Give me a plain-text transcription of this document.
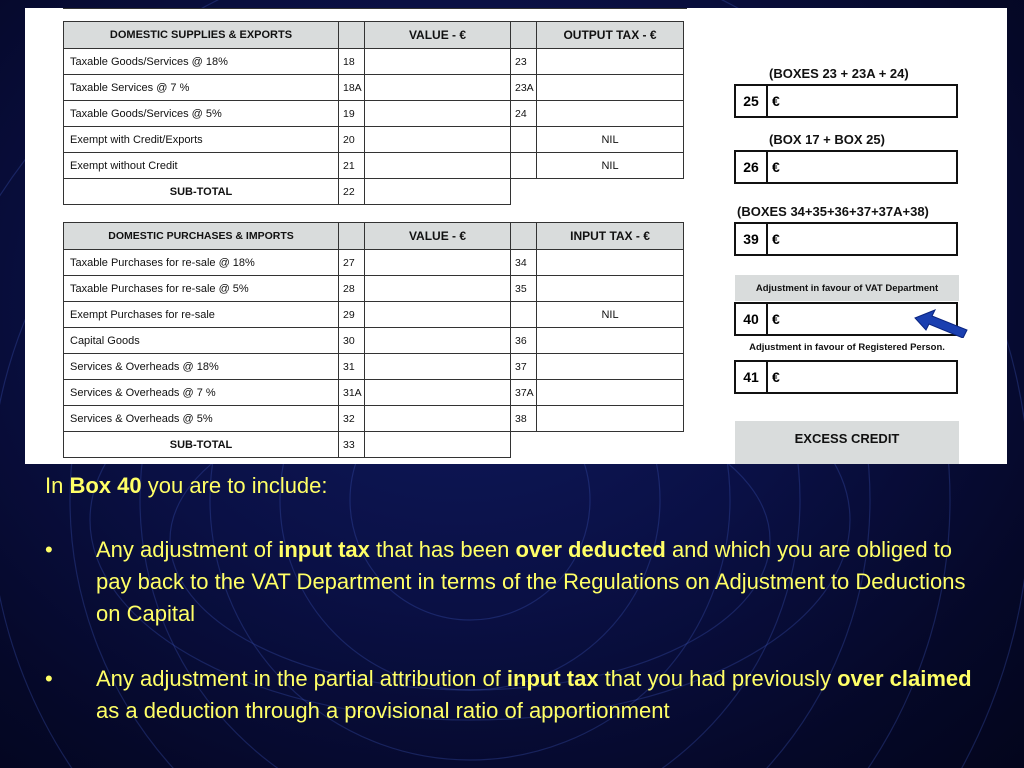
DOMESTIC SUPPLIES & EXPORTS		VALUE - €		OUTPUT TAX - €
Taxable Goods/Services @ 18%	18		23	
Taxable Services @ 7 %	18A		23A	
Taxable Goods/Services @ 5%	19		24	
Exempt with Credit/Exports	20			NIL
Exempt without Credit	21			NIL
SUB-TOTAL	22			
DOMESTIC PURCHASES & IMPORTS		VALUE - €		INPUT TAX - €
Taxable Purchases for re-sale @ 18%	27		34	
Taxable Purchases for re-sale @ 5%	28		35	
Exempt Purchases for re-sale	29			NIL
Capital Goods	30		36	
Services & Overheads @ 18%	31		37	
Services & Overheads @ 7 %	31A		37A	
Services & Overheads @ 5%	32		38	
SUB-TOTAL	33			
(BOXES 23 + 23A + 24)
25 €
(BOX 17 + BOX 25)
26 €
(BOXES 34+35+36+37+37A+38)
39 €
Adjustment in favour of VAT Department
40 €
Adjustment in favour of Registered Person.
41 €
EXCESS CREDIT
In Box 40 you are to include:
• Any adjustment of input tax that has been over deducted and which you are obliged to pay back to the VAT Department in terms of the Regulations on Adjustment to Deductions on Capital
• Any adjustment in the partial attribution of input tax that you had previously over claimed as a deduction through a provisional ratio of apportionment
